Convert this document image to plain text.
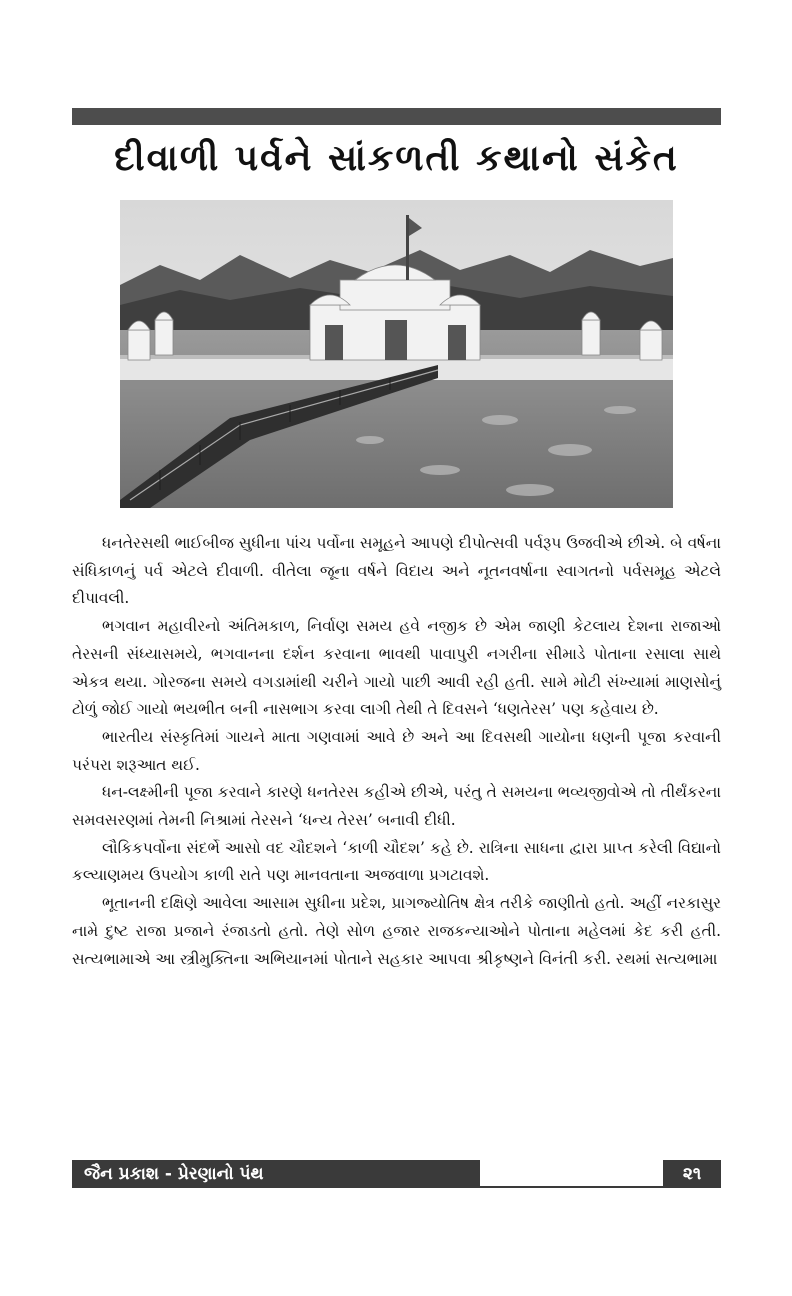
દીવાળી પર્વને સાંકળતી કથાનો સંકેત

ધનતેરસથી ભાઈબીજ સુધીના પાંચ પર્વોના સમૂહને આપણે દીપોત્સવી પર્વરૂપ ઉજવીએ છીએ. બે વર્ષના સંધિકાળનું પર્વ એટલે દીવાળી. વીતેલા જૂના વર્ષને વિદાય અને નૂતનવર્ષાના સ્વાગતનો પર્વસમૂહ એટલે દીપાવલી.

ભગવાન મહાવીરનો અંતિમકાળ, નિર્વાણ સમય હવે નજીક છે એમ જાણી કેટલાય દેશના રાજાઓ તેરસની સંધ્યાસમયે, ભગવાનના દર્શન કરવાના ભાવથી પાવાપુરી નગરીના સીમાડે પોતાના રસાલા સાથે એકત્ર થયા. ગોરજના સમયે વગડામાંથી ચરીને ગાયો પાછી આવી રહી હતી. સામે મોટી સંખ્યામાં માણસોનું ટોળું જોઈ ગાયો ભયભીત બની નાસભાગ કરવા લાગી તેથી તે દિવસને ‘ધણતેરસ’ પણ કહેવાય છે.

ભારતીય સંસ્કૃતિમાં ગાયને માતા ગણવામાં આવે છે અને આ દિવસથી ગાયોના ધણની પૂજા કરવાની પરંપરા શરૂઆત થઈ.

ધન-લક્ષ્મીની પૂજા કરવાને કારણે ધનતેરસ કહીએ છીએ, પરંતુ તે સમયના ભવ્યજીવોએ તો તીર્થંકરના સમવસરણમાં તેમની નિશ્રામાં તેરસને ‘ધન્ય તેરસ’ બનાવી દીધી.

લૌકિકપર્વોના સંદર્ભે આસો વદ ચૌદશને ‘કાળી ચૌદશ’ કહે છે. રાત્રિના સાધના દ્વારા પ્રાપ્ત કરેલી વિદ્યાનો કલ્યાણમય ઉપયોગ કાળી રાતે પણ માનવતાના અજવાળા પ્રગટાવશે.

ભૂતાનની દક્ષિણે આવેલા આસામ સુધીના પ્રદેશ, પ્રાગજ્યોતિષ ક્ષેત્ર તરીકે જાણીતો હતો. અહીં નરકાસુર નામે દુષ્ટ રાજા પ્રજાને રંજાડતો હતો. તેણે સોળ હજાર રાજકન્યાઓને પોતાના મહેલમાં કેદ કરી હતી. સત્યભામાએ આ સ્ત્રીમુક્તિના અભિયાનમાં પોતાને સહકાર આપવા શ્રીકૃષ્ણને વિનંતી કરી. રથમાં સત્યભામા

જૈન પ્રકાશ - પ્રેરણાનો પંથ	૨૧
